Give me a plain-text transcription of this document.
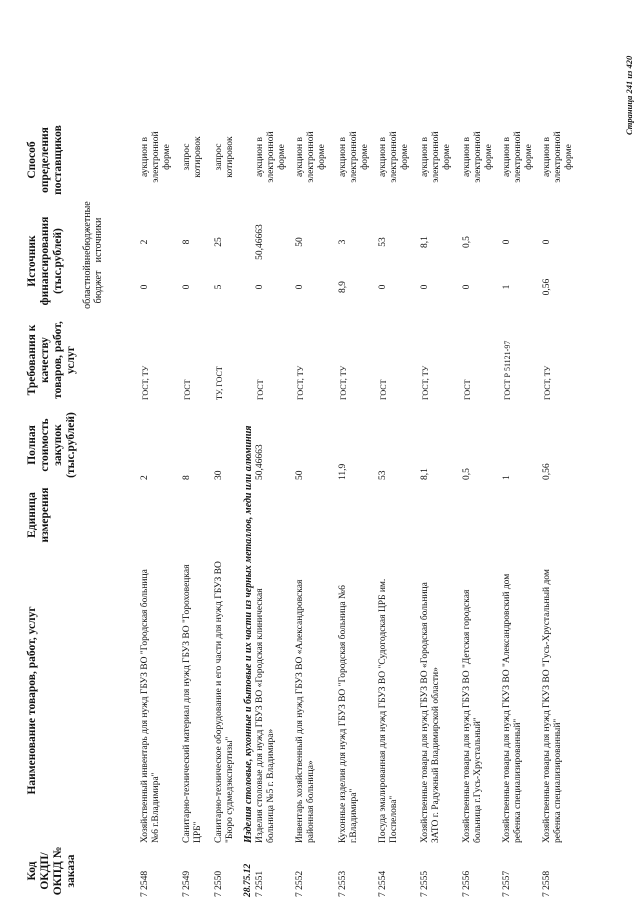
Код ОКДП/ ОКПД № заказа
Наименование товаров, работ, услуг
Единица измерения
Полная стоимость закупок (тыс.рублей)
Требования к качеству товаров, работ, услуг
Источник финансирования (тыс.рублей)
Способ определения поставщиков
областной бюджет
внебюджетные источники
7 2548
Хозяйственный инвентарь для нужд ГБУЗ ВО "Городская больница №6 г.Владимира"
2
ГОСТ, ТУ
0
2
аукцион в электронной форме
7 2549
Санитарно-технический материал для нужд ГБУЗ ВО "Гороховецкая ЦРБ"
8
ГОСТ
0
8
запрос котировок
7 2550
Санитарно-техническое оборудование и его части для нужд ГБУЗ ВО "Бюро судмедэкспертизы"
30
ТУ, ГОСТ
5
25
запрос котировок
28.75.12
Изделия столовые, кухонные и бытовые и их части из черных металлов, меди или алюминия
7 2551
Изделия столовые для нужд ГБУЗ ВО «Городская клиническая больница №5 г. Владимира»
50,46663
ГОСТ
0
50,46663
аукцион в электронной форме
7 2552
Инвентарь хозяйственный для нужд ГБУЗ ВО «Александровская районная больница»
50
ГОСТ, ТУ
0
50
аукцион в электронной форме
7 2553
Кухонные изделия для нужд ГБУЗ ВО "Городская больница №6 г.Владимира"
11,9
ГОСТ, ТУ
8,9
3
аукцион в электронной форме
7 2554
Посуда эмалированная для нужд ГБУЗ ВО "Судогодская ЦРБ им. Поспелова"
53
ГОСТ
0
53
аукцион в электронной форме
7 2555
Хозяйственные товары для нужд ГБУЗ ВО «Городская больница ЗАТО г. Радужный Владимирской области»
8,1
ГОСТ, ТУ
0
8,1
аукцион в электронной форме
7 2556
Хозяйственные товары для нужд ГБУЗ ВО "Детская городская больница г.Гусь-Хрустальный"
0,5
ГОСТ
0
0,5
аукцион в электронной форме
7 2557
Хозяйственные товары для нужд ГКУЗ ВО "Александровский дом ребенка специализированный"
1
ГОСТ Р 51121-97
1
0
аукцион в электронной форме
7 2558
Хозяйственные товары для нужд ГКУЗ ВО "Гусь-Хрустальный дом ребенка специализированный"
0,56
ГОСТ, ТУ
0,56
0
аукцион в электронной форме
Страница 241 из 420
